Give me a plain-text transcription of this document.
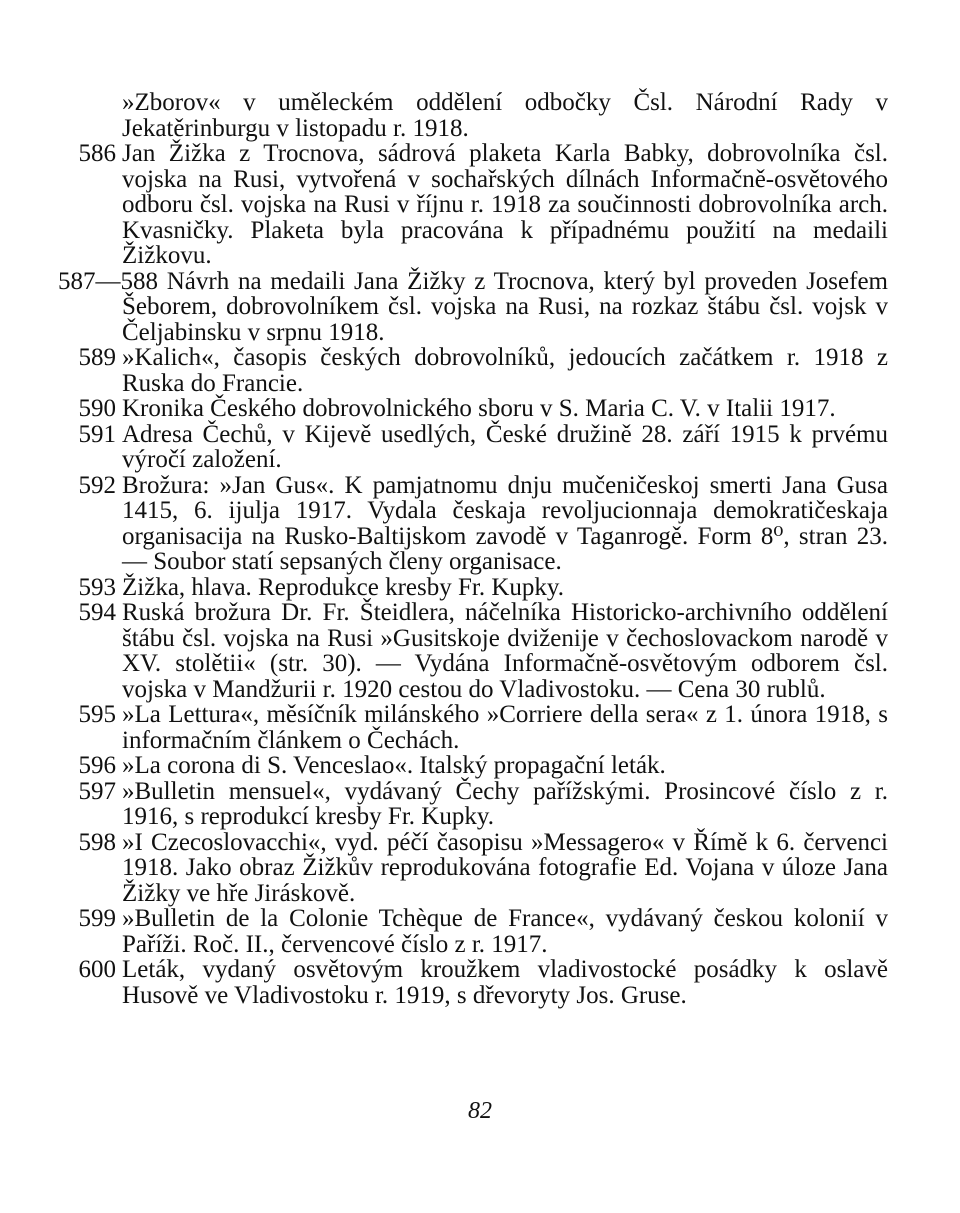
»Zborov« v uměleckém oddělení odbočky Čsl. Národní Rady v Jekatěrinburgu v listopadu r. 1918.
586 Jan Žižka z Trocnova, sádrová plaketa Karla Babky, dobrovolníka čsl. vojska na Rusi, vytvořená v sochařských dílnách Informačně-osvětového odboru čsl. vojska na Rusi v říjnu r. 1918 za součinnosti dobrovolníka arch. Kvasničky. Plaketa byla pracována k případnému použití na medaili Žižkovu.
587—588 Návrh na medaili Jana Žižky z Trocnova, který byl proveden Josefem Šeborem, dobrovolníkem čsl. vojska na Rusi, na rozkaz štábu čsl. vojsk v Čeljabinsku v srpnu 1918.
589 »Kalich«, časopis českých dobrovolníků, jedoucích začátkem r. 1918 z Ruska do Francie.
590 Kronika Českého dobrovolnického sboru v S. Maria C. V. v Italii 1917.
591 Adresa Čechů, v Kijevě usedlých, České družině 28. září 1915 k prvému výročí založení.
592 Brožura: »Jan Gus«. K pamjatnomu dnju mučeničeskoj smerti Jana Gusa 1415, 6. ijulja 1917. Vydala českaja revoljucionnaja demokratičeskaja organisacija na Rusko-Baltijskom zavodě v Taganrogě. Form 8⁰, stran 23. — Soubor statí sepsaných členy organisace.
593 Žižka, hlava. Reprodukce kresby Fr. Kupky.
594 Ruská brožura Dr. Fr. Šteidlera, náčelníka Historicko-archivního oddělení štábu čsl. vojska na Rusi »Gusitskoje dviženije v čechoslovackom narodě v XV. stolětii« (str. 30). — Vydána Informačně-osvětovým odborem čsl. vojska v Mandžurii r. 1920 cestou do Vladivostoku. — Cena 30 rublů.
595 »La Lettura«, měsíčník milánského »Corriere della sera« z 1. února 1918, s informačním článkem o Čechách.
596 »La corona di S. Venceslao«. Italský propagační leták.
597 »Bulletin mensuel«, vydávaný Čechy pařížskými. Prosincové číslo z r. 1916, s reprodukcí kresby Fr. Kupky.
598 »I Czecoslovacchi«, vyd. péčí časopisu »Messagero« v Římě k 6. červenci 1918. Jako obraz Žižkův reprodukována fotografie Ed. Vojana v úloze Jana Žižky ve hře Jiráskově.
599 »Bulletin de la Colonie Tchèque de France«, vydávaný českou kolonií v Paříži. Roč. II., červencové číslo z r. 1917.
600 Leták, vydaný osvětovým kroužkem vladivostocké posádky k oslavě Husově ve Vladivostoku r. 1919, s dřevoryty Jos. Gruse.
82
